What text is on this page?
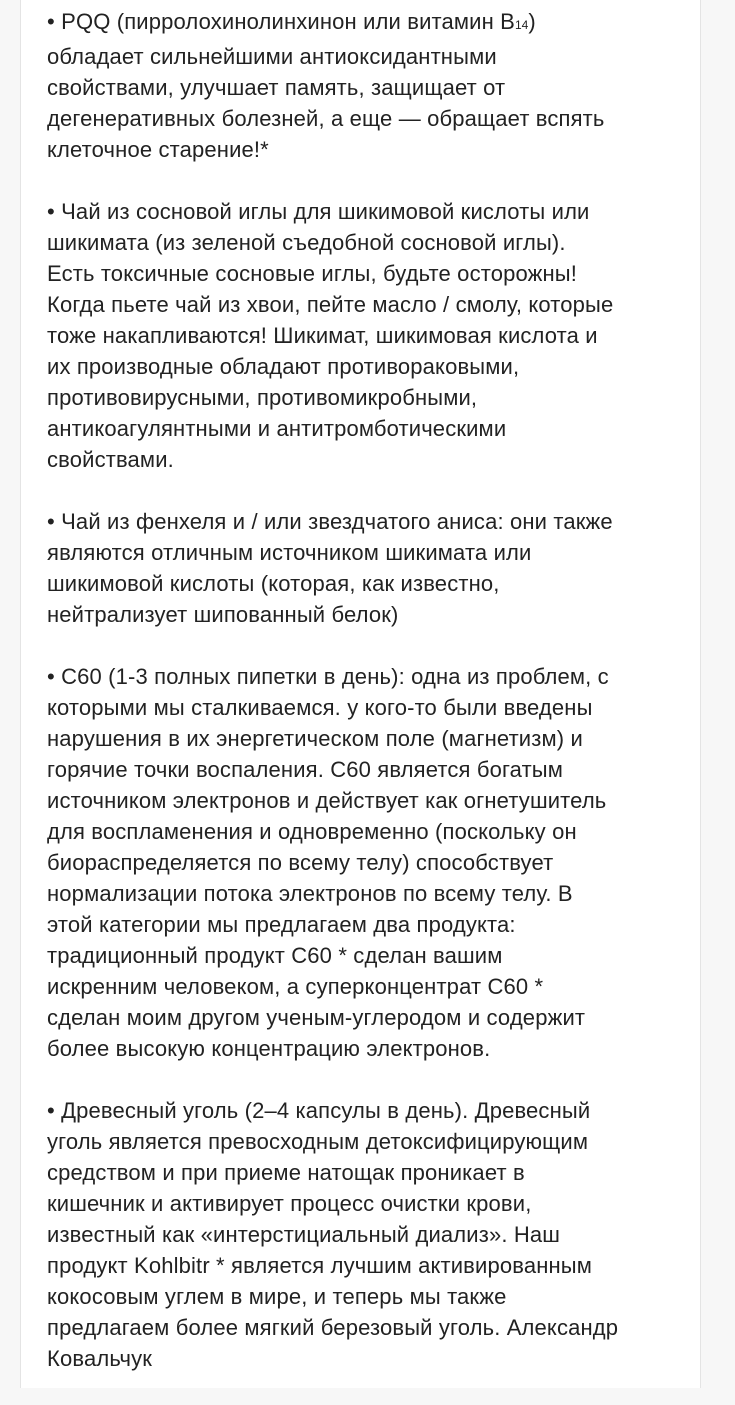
• PQQ (пирролохинолинхинон или витамин B14)
обладает сильнейшими антиоксидантными
свойствами, улучшает память, защищает от
дегенеративных болезней, а еще — обращает вспять
клеточное старение!*

• Чай из сосновой иглы для шикимовой кислоты или
шикимата (из зеленой съедобной сосновой иглы).
Есть токсичные сосновые иглы, будьте осторожны!
Когда пьете чай из хвои, пейте масло / смолу, которые
тоже накапливаются! Шикимат, шикимовая кислота и
их производные обладают противораковыми,
противовирусными, противомикробными,
антикоагулянтными и антитромботическими
свойствами.

• Чай из фенхеля и / или звездчатого аниса: они также
являются отличным источником шикимата или
шикимовой кислоты (которая, как известно,
нейтрализует шипованный белок)

• C60 (1-3 полных пипетки в день): одна из проблем, с
которыми мы сталкиваемся. у кого-то были введены
нарушения в их энергетическом поле (магнетизм) и
горячие точки воспаления. C60 является богатым
источником электронов и действует как огнетушитель
для воспламенения и одновременно (поскольку он
биораспределяется по всему телу) способствует
нормализации потока электронов по всему телу. В
этой категории мы предлагаем два продукта:
традиционный продукт C60 * сделан вашим
искренним человеком, а суперконцентрат C60 *
сделан моим другом ученым-углеродом и содержит
более высокую концентрацию электронов.

• Древесный уголь (2–4 капсулы в день). Древесный
уголь является превосходным детоксифицирующим
средством и при приеме натощак проникает в
кишечник и активирует процесс очистки крови,
известный как «интерстициальный диализ». Наш
продукт Kohlbitr * является лучшим активированным
кокосовым углем в мире, и теперь мы также
предлагаем более мягкий березовый уголь. Александр
Ковальчук
